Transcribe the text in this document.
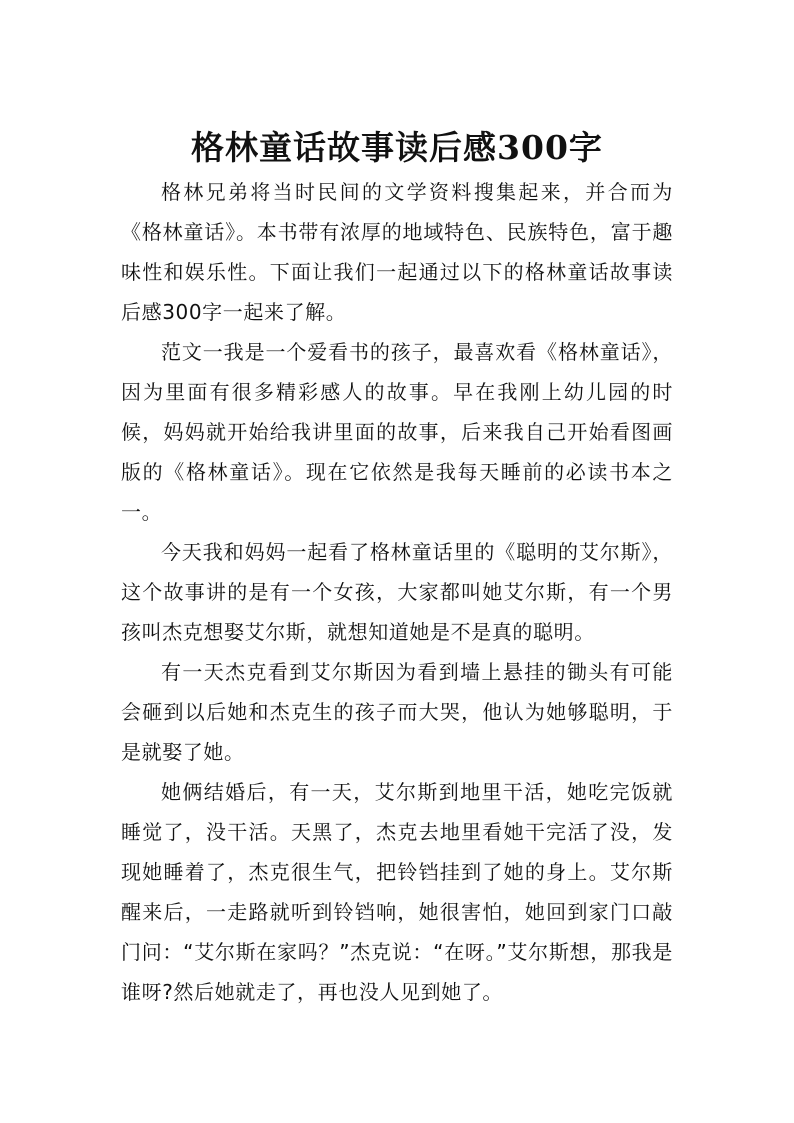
格林童话故事读后感300字

格林兄弟将当时民间的文学资料搜集起来，并合而为《格林童话》。本书带有浓厚的地域特色、民族特色，富于趣味性和娱乐性。下面让我们一起通过以下的格林童话故事读后感300字一起来了解。

范文一我是一个爱看书的孩子，最喜欢看《格林童话》，因为里面有很多精彩感人的故事。早在我刚上幼儿园的时候，妈妈就开始给我讲里面的故事，后来我自己开始看图画版的《格林童话》。现在它依然是我每天睡前的必读书本之一。

今天我和妈妈一起看了格林童话里的《聪明的艾尔斯》，这个故事讲的是有一个女孩，大家都叫她艾尔斯，有一个男孩叫杰克想娶艾尔斯，就想知道她是不是真的聪明。

有一天杰克看到艾尔斯因为看到墙上悬挂的锄头有可能会砸到以后她和杰克生的孩子而大哭，他认为她够聪明，于是就娶了她。

她俩结婚后，有一天，艾尔斯到地里干活，她吃完饭就睡觉了，没干活。天黑了，杰克去地里看她干完活了没，发现她睡着了，杰克很生气，把铃铛挂到了她的身上。艾尔斯醒来后，一走路就听到铃铛响，她很害怕，她回到家门口敲门问：“艾尔斯在家吗？”杰克说：“在呀。”艾尔斯想，那我是谁呀?然后她就走了，再也没人见到她了。
